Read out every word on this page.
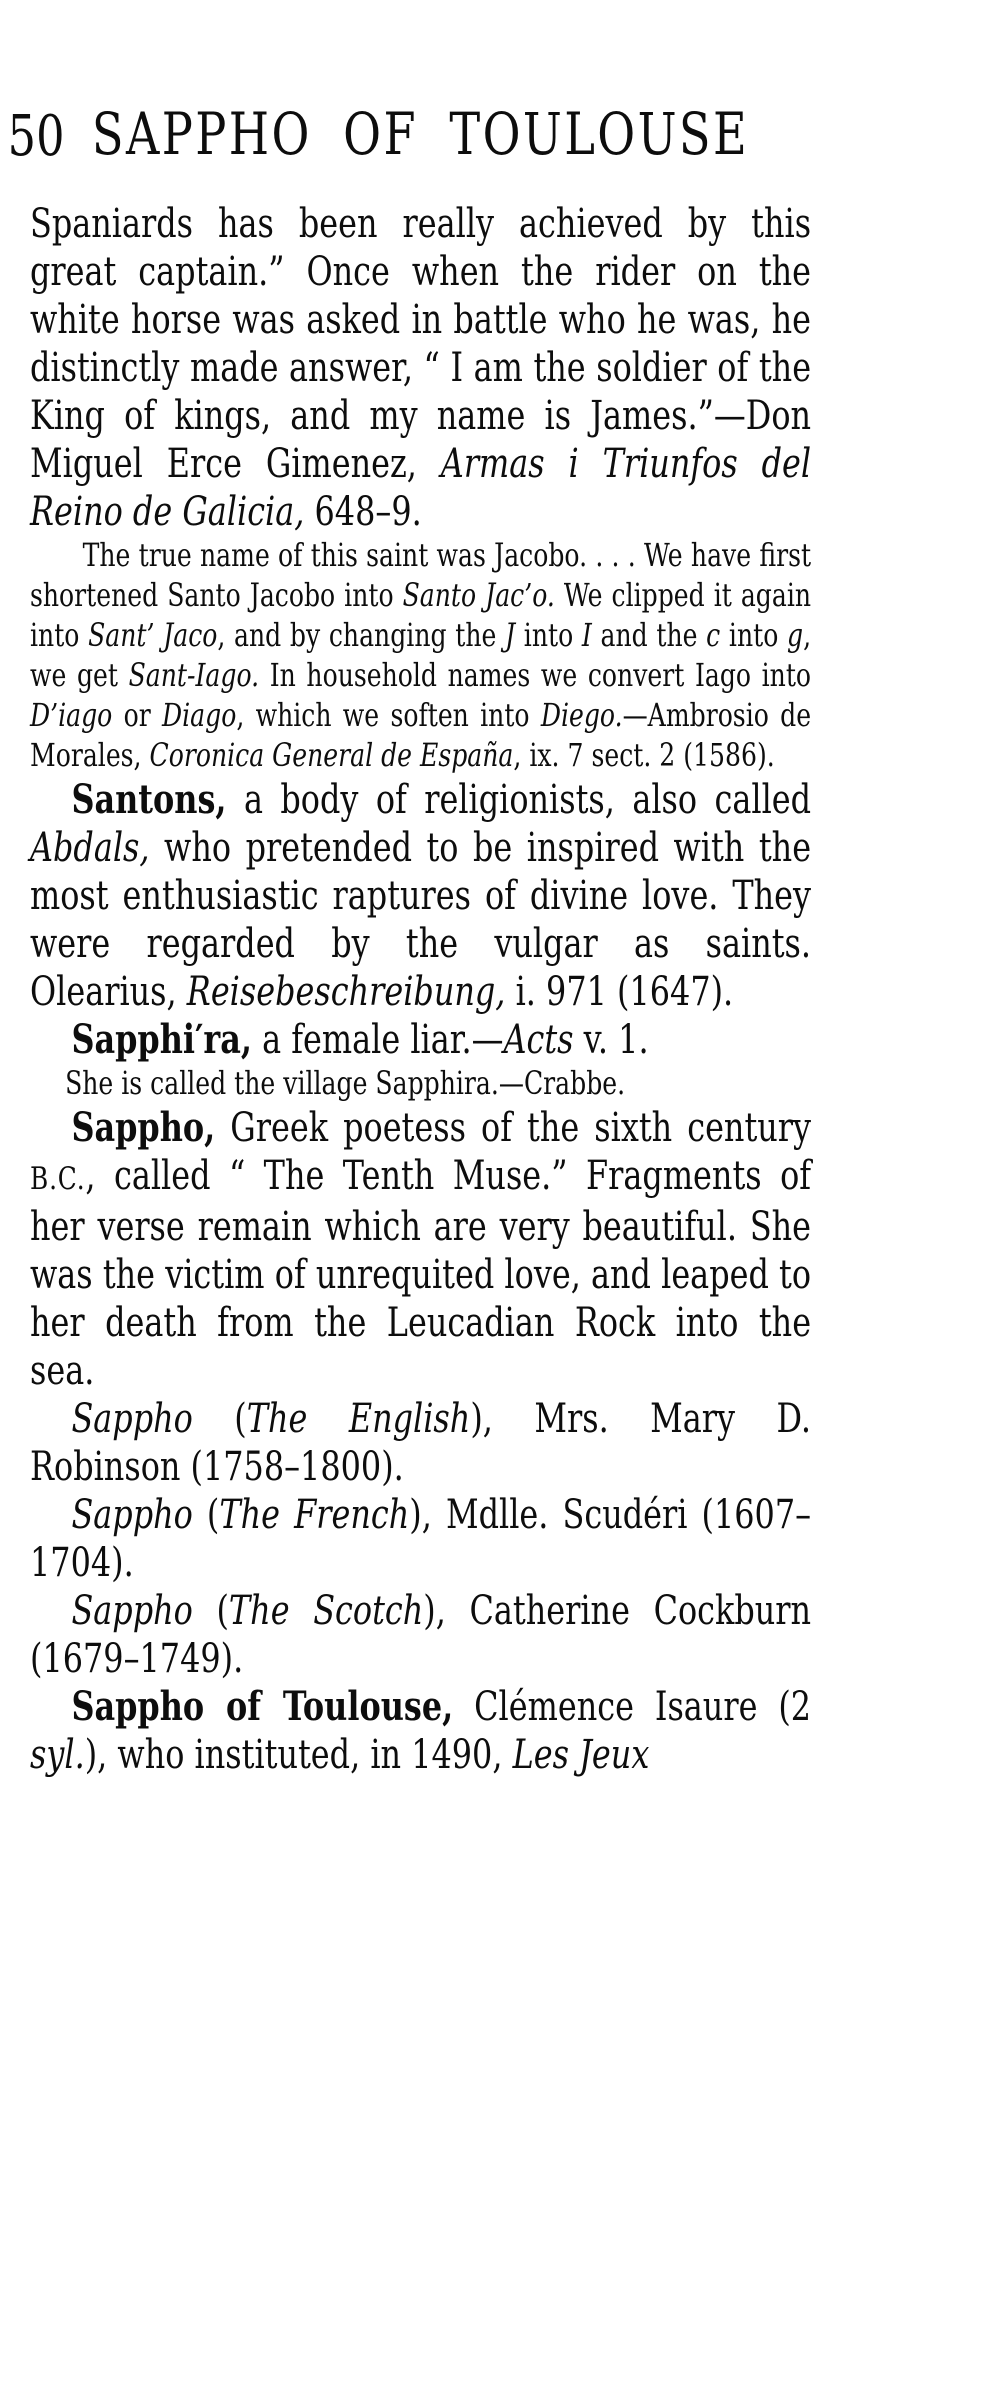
50 SAPPHO OF TOULOUSE

Spaniards has been really achieved by this great captain.” Once when the rider on the white horse was asked in battle who he was, he distinctly made answer, “ I am the soldier of the King of kings, and my name is James.”—Don Miguel Erce Gimenez, Armas i Triunfos del Reino de Galicia, 648–9.

The true name of this saint was Jacobo. . . . We have first shortened Santo Jacobo into Santo Jac’o. We clipped it again into Sant’ Jaco, and by changing the J into I and the c into g, we get Sant-Iago. In household names we convert Iago into D’iago or Diago, which we soften into Diego.—Ambrosio de Morales, Coronica General de España, ix. 7 sect. 2 (1586).

Santons, a body of religionists, also called Abdals, who pretended to be inspired with the most enthusiastic raptures of divine love. They were regarded by the vulgar as saints. Olearius, Reisebeschreibung, i. 971 (1647).

Sapphi′ra, a female liar.—Acts v. 1.

She is called the village Sapphira.—Crabbe.

Sappho, Greek poetess of the sixth century B.C., called “ The Tenth Muse.” Fragments of her verse remain which are very beautiful. She was the victim of unrequited love, and leaped to her death from the Leucadian Rock into the sea.

Sappho (The English), Mrs. Mary D. Robinson (1758–1800).

Sappho (The French), Mdlle. Scudéri (1607–1704).

Sappho (The Scotch), Catherine Cockburn (1679–1749).

Sappho of Toulouse, Clémence Isaure (2 syl.), who instituted, in 1490, Les Jeux
